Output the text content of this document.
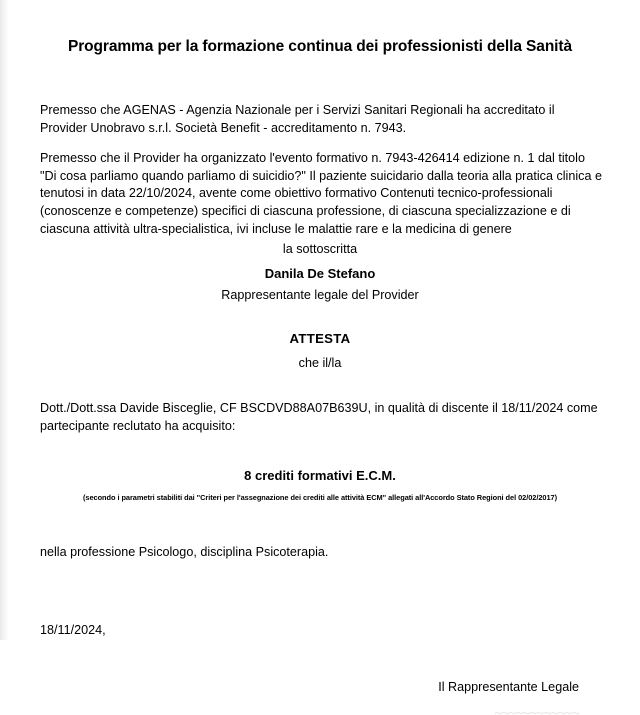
Programma per la formazione continua dei professionisti della Sanità

Premesso che AGENAS - Agenzia Nazionale per i Servizi Sanitari Regionali ha accreditato il Provider Unobravo s.r.l. Società Benefit - accreditamento n. 7943.

Premesso che il Provider ha organizzato l'evento formativo n. 7943-426414 edizione n. 1 dal titolo "Di cosa parliamo quando parliamo di suicidio?" Il paziente suicidario dalla teoria alla pratica clinica e tenutosi in data 22/10/2024, avente come obiettivo formativo Contenuti tecnico-professionali (conoscenze e competenze) specifici di ciascuna professione, di ciascuna specializzazione e di ciascuna attività ultra-specialistica, ivi incluse le malattie rare e la medicina di genere

la sottoscritta

Danila De Stefano

Rappresentante legale del Provider

ATTESTA

che il/la

Dott./Dott.ssa Davide Bisceglie, CF BSCDVD88A07B639U, in qualità di discente il 18/11/2024 come partecipante reclutato ha acquisito:

8 crediti formativi E.C.M.

(secondo i parametri stabiliti dai "Criteri per l'assegnazione dei crediti alle attività ECM" allegati all'Accordo Stato Regioni del 02/02/2017)

nella professione Psicologo, disciplina Psicoterapia.

18/11/2024,

Il Rappresentante Legale

~~~~~~~~~~~~
